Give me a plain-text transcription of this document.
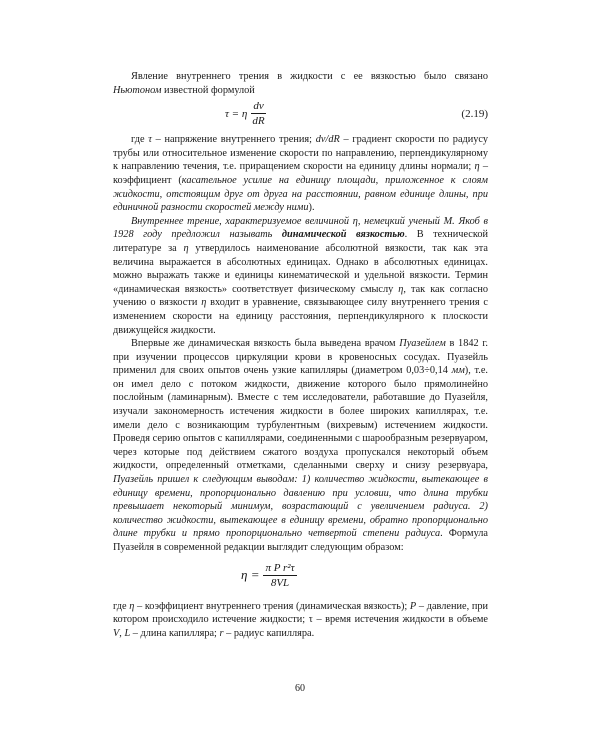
Явление внутреннего трения в жидкости с ее вязкостью было связано Ньютоном известной формулой

τ = η $\frac{dv}{dR}$	(2.19)

где τ – напряжение внутреннего трения; dv/dR – градиент скорости по радиусу трубы или относительное изменение скорости по направлению, перпендикулярному к направлению течения, т.е. приращением скорости на единицу длины нормали; η – коэффициент (касательное усилие на единицу площади, приложенное к слоям жидкости, отстоящим друг от друга на расстоянии, равном единице длины, при единичной разности скоростей между ними).

Внутреннее трение, характеризуемое величиной η, немецкий ученый М. Якоб в 1928 году предложил называть динамической вязкостью. В технической литературе за η утвердилось наименование абсолютной вязкости, так как эта величина выражается в абсолютных единицах. Однако в абсолютных единицах. можно выражать также и единицы кинематической и удельной вязкости. Термин «динамическая вязкость» соответствует физическому смыслу η, так как согласно учению о вязкости η входит в уравнение, связывающее силу внутреннего трения с изменением скорости на единицу расстояния, перпендикулярного к плоскости движущейся жидкости.

Впервые же динамическая вязкость была выведена врачом Пуазейлем в 1842 г. при изучении процессов циркуляции крови в кровеносных сосудах. Пуазейль применил для своих опытов очень узкие капилляры (диаметром 0,03÷0,14 мм), т.е. он имел дело с потоком жидкости, движение которого было прямолинейно послойным (ламинарным). Вместе с тем исследователи, работавшие до Пуазейля, изучали закономерность истечения жидкости в более широких капиллярах, т.е. имели дело с возникающим турбулентным (вихревым) истечением жидкости. Проведя серию опытов с капиллярами, соединенными с шарообразным резервуаром, через которые под действием сжатого воздуха пропускался некоторый объем жидкости, определенный отметками, сделанными сверху и снизу резервуара, Пуазейль пришел к следующим выводам: 1) количество жидкости, вытекающее в единицу времени, пропорционально давлению при условии, что длина трубки превышает некоторый минимум, возрастающий с увеличением радиуса. 2) количество жидкости, вытекающее в единицу времени, обратно пропорционально длине трубки и прямо пропорционально четвертой степени радиуса. Формула Пуазейля в современной редакции выглядит следующим образом:

$\eta = \frac{\text{π P r²τ}}{8VL}$

где η – коэффициент внутреннего трения (динамическая вязкость); P – давление, при котором происходило истечение жидкости; τ – время истечения жидкости в объеме V, L – длина капилляра; r – радиус капилляра.

60
